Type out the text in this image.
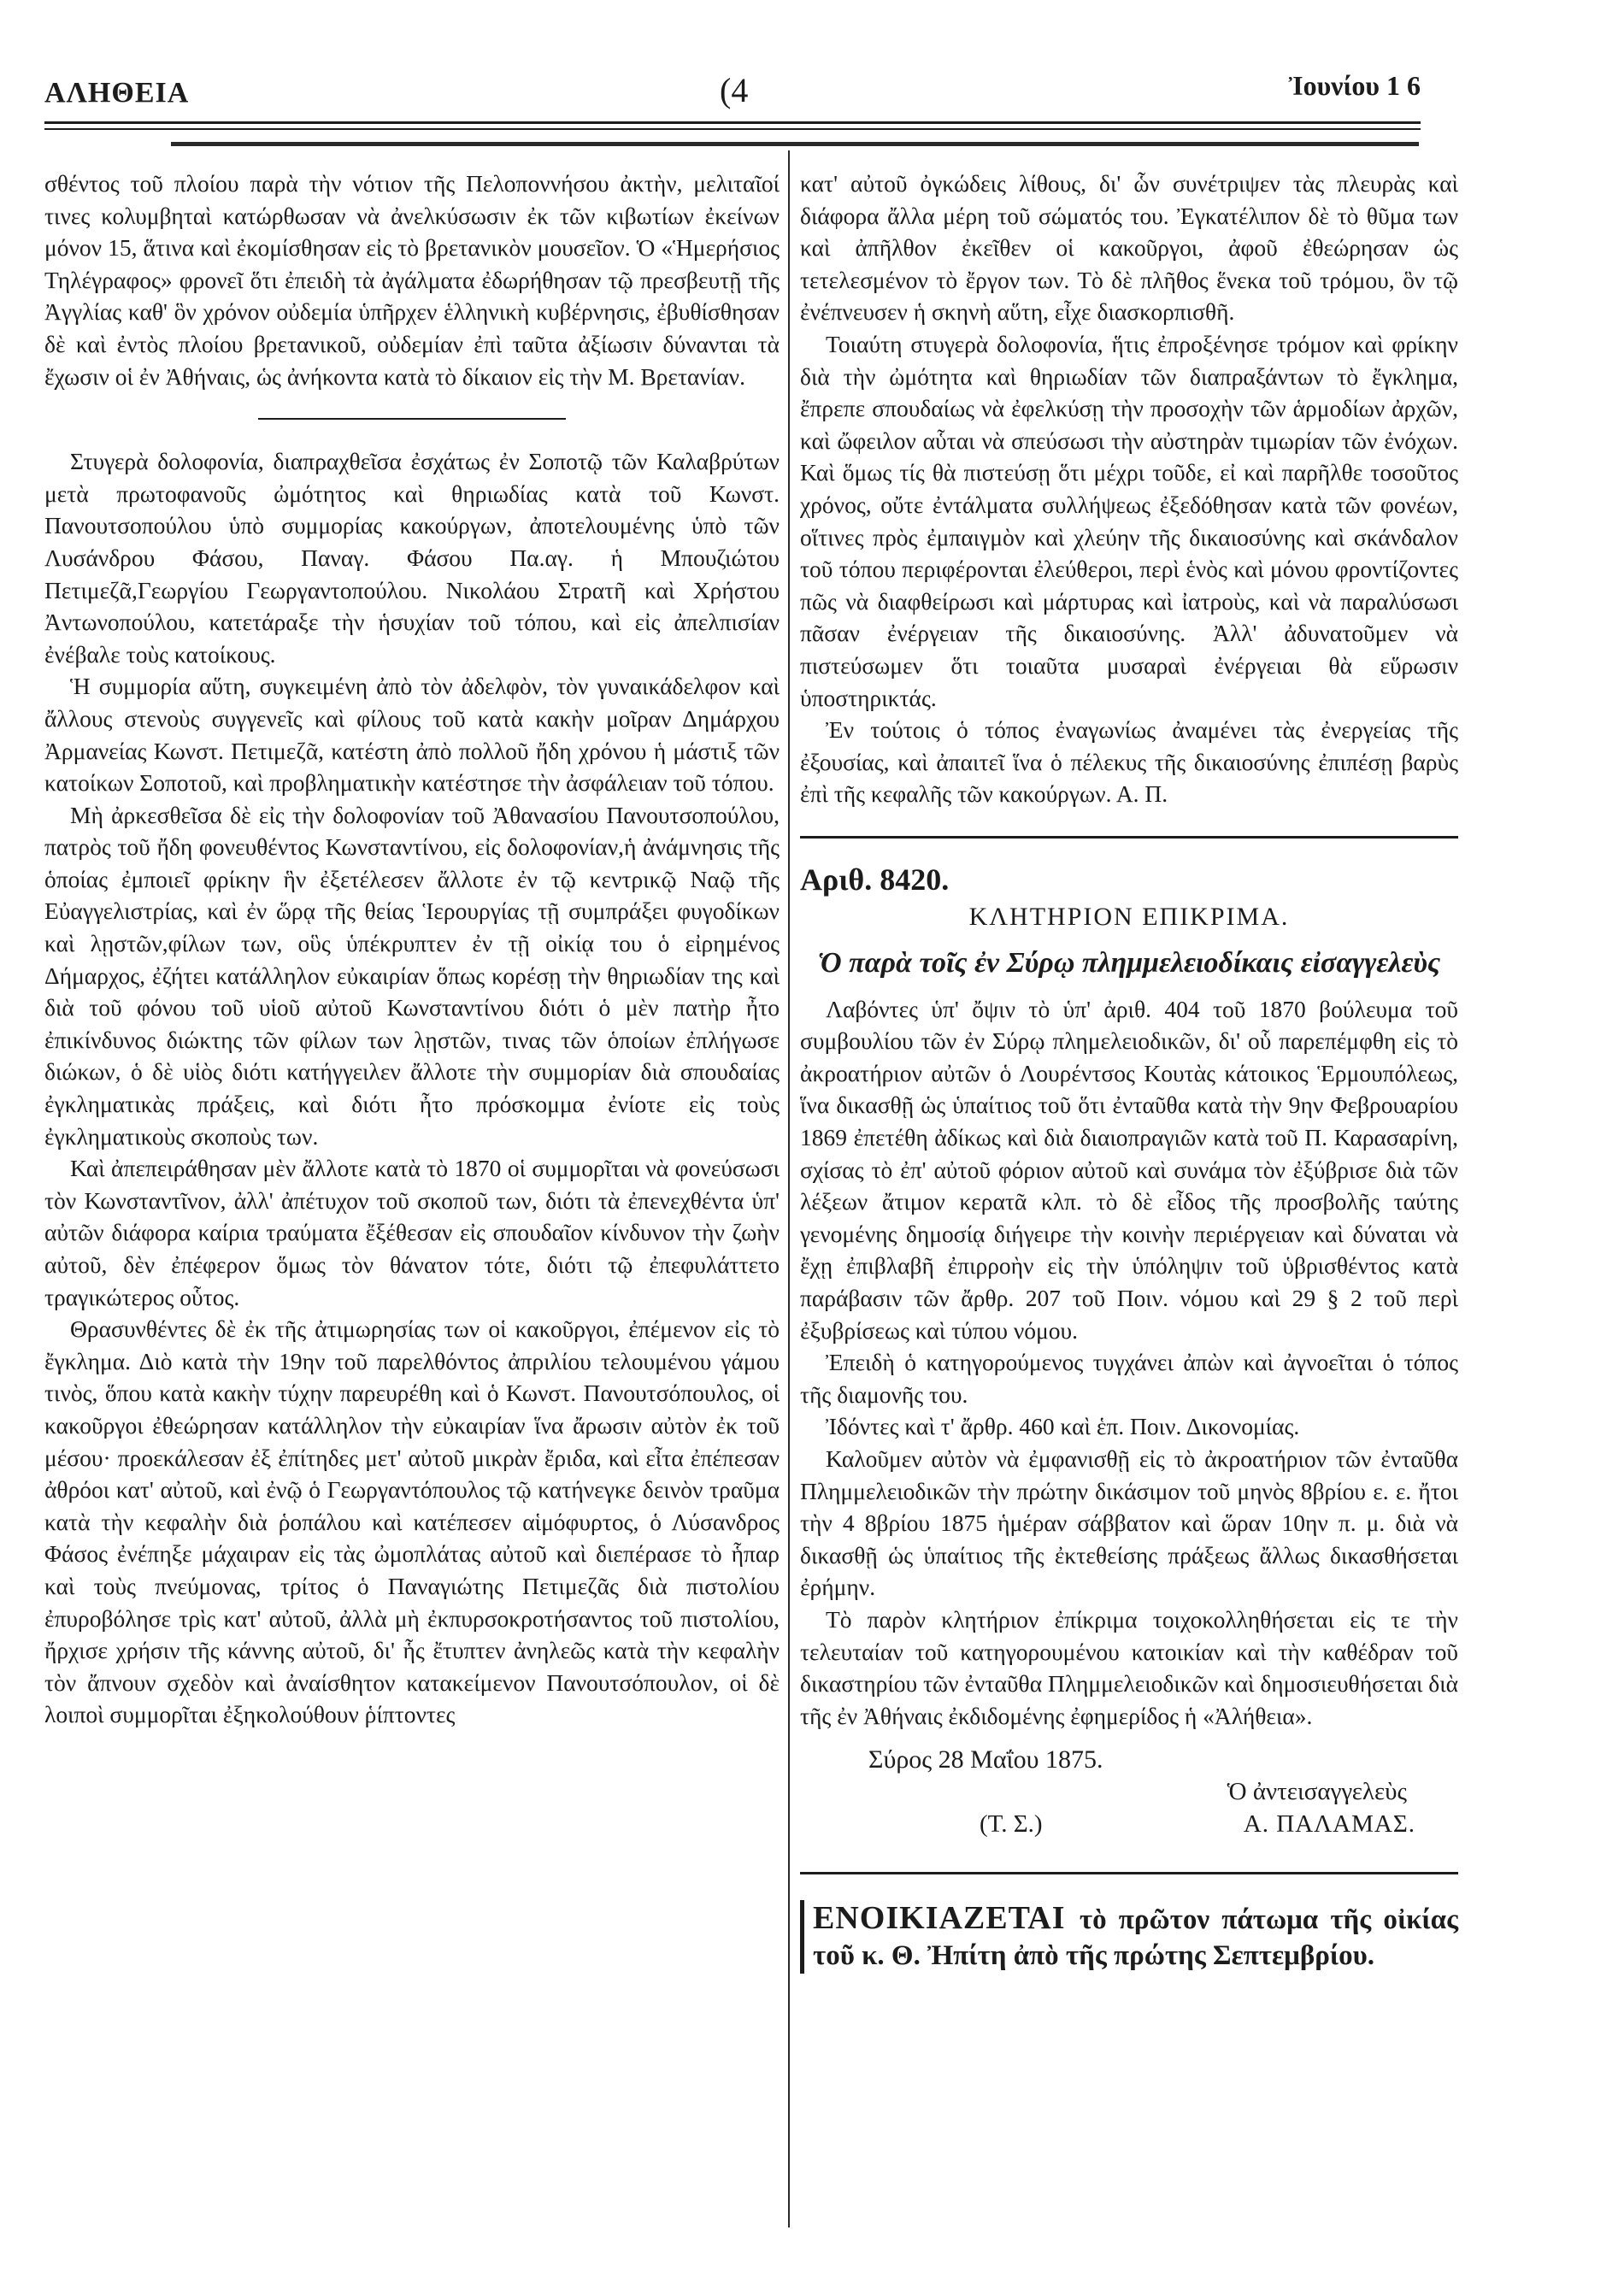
ΑΛΗΘΕΙΑ	(4	Ἰουνίου 1 6

σθέντος τοῦ πλοίου παρὰ τὴν νότιον τῆς Πελοποννήσου ἀκτὴν, μελιταῖοί τινες κολυμβηταὶ κατώρθωσαν νὰ ἀνελκύσωσιν ἐκ τῶν κιβωτίων ἐκείνων μόνον 15, ἅτινα καὶ ἐκομίσθησαν εἰς τὸ βρετανικὸν μουσεῖον. Ὁ «Ἡμερήσιος Τηλέγραφος» φρονεῖ ὅτι ἐπειδὴ τὰ ἀγάλματα ἐδωρήθησαν τῷ πρεσβευτῇ τῆς Ἀγγλίας καθ' ὃν χρόνον οὐδεμία ὑπῆρχεν ἑλληνικὴ κυβέρνησις, ἐβυθίσθησαν δὲ καὶ ἐντὸς πλοίου βρετανικοῦ, οὐδεμίαν ἐπὶ ταῦτα ἀξίωσιν δύνανται τὰ ἔχωσιν οἱ ἐν Ἀθήναις, ὡς ἀνήκοντα κατὰ τὸ δίκαιον εἰς τὴν Μ. Βρετανίαν.

Στυγερὰ δολοφονία, διαπραχθεῖσα ἐσχάτως ἐν Σοποτῷ τῶν Καλαβρύτων μετὰ πρωτοφανοῦς ὠμότητος καὶ θηριωδίας κατὰ τοῦ Κωνστ. Πανουτσοπούλου ὑπὸ συμμορίας κακούργων, ἀποτελουμένης ὑπὸ τῶν Λυσάνδρου Φάσου, Παναγ. Φάσου Πα.αγ. ἡ Μπουζιώτου Πετιμεζᾶ,Γεωργίου Γεωργαντοπούλου. Νικολάου Στρατῆ καὶ Χρήστου Ἀντωνοπούλου, κατετάραξε τὴν ἡσυχίαν τοῦ τόπου, καὶ εἰς ἀπελπισίαν ἐνέβαλε τοὺς κατοίκους.

Ἡ συμμορία αὕτη, συγκειμένη ἀπὸ τὸν ἀδελφὸν, τὸν γυναικάδελφον καὶ ἄλλους στενοὺς συγγενεῖς καὶ φίλους τοῦ κατὰ κακὴν μοῖραν Δημάρχου Ἀρμανείας Κωνστ. Πετιμεζᾶ, κατέστη ἀπὸ πολλοῦ ἤδη χρόνου ἡ μάστιξ τῶν κατοίκων Σοποτοῦ, καὶ προβληματικὴν κατέστησε τὴν ἀσφάλειαν τοῦ τόπου.

Μὴ ἀρκεσθεῖσα δὲ εἰς τὴν δολοφονίαν τοῦ Ἀθανασίου Πανουτσοπούλου, πατρὸς τοῦ ἤδη φονευθέντος Κωνσταντίνου, εἰς δολοφονίαν,ἡ ἀνάμνησις τῆς ὁποίας ἐμποιεῖ φρίκην ἣν ἐξετέλεσεν ἄλλοτε ἐν τῷ κεντρικῷ Ναῷ τῆς Εὐαγγελιστρίας, καὶ ἐν ὥρᾳ τῆς θείας Ἱερουργίας τῇ συμπράξει φυγοδίκων καὶ λῃστῶν,φίλων των, οὓς ὑπέκρυπτεν ἐν τῇ οἰκίᾳ του ὁ εἰρημένος Δήμαρχος, ἐζήτει κατάλληλον εὐκαιρίαν ὅπως κορέσῃ τὴν θηριωδίαν της καὶ διὰ τοῦ φόνου τοῦ υἱοῦ αὐτοῦ Κωνσταντίνου διότι ὁ μὲν πατὴρ ἦτο ἐπικίνδυνος διώκτης τῶν φίλων των λῃστῶν, τινας τῶν ὁποίων ἐπλήγωσε διώκων, ὁ δὲ υἱὸς διότι κατήγγειλεν ἄλλοτε τὴν συμμορίαν διὰ σπουδαίας ἐγκληματικὰς πράξεις, καὶ διότι ἦτο πρόσκομμα ἐνίοτε εἰς τοὺς ἐγκληματικοὺς σκοποὺς των.

Καὶ ἀπεπειράθησαν μὲν ἄλλοτε κατὰ τὸ 1870 οἱ συμμορῖται νὰ φονεύσωσι τὸν Κωνσταντῖνον, ἀλλ' ἀπέτυχον τοῦ σκοποῦ των, διότι τὰ ἐπενεχθέντα ὑπ' αὐτῶν διάφορα καίρια τραύματα ἔξέθεσαν εἰς σπουδαῖον κίνδυνον τὴν ζωὴν αὐτοῦ, δὲν ἐπέφερον ὅμως τὸν θάνατον τότε, διότι τῷ ἐπεφυλάττετο τραγικώτερος οὗτος.

Θρασυνθέντες δὲ ἐκ τῆς ἀτιμωρησίας των οἱ κακοῦργοι, ἐπέμενον εἰς τὸ ἔγκλημα. Διὸ κατὰ τὴν 19ην τοῦ παρελθόντος ἀπριλίου τελουμένου γάμου τινὸς, ὅπου κατὰ κακὴν τύχην παρευρέθη καὶ ὁ Κωνστ. Πανουτσόπουλος, οἱ κακοῦργοι ἐθεώρησαν κατάλληλον τὴν εὐκαιρίαν ἵνα ἄρωσιν αὐτὸν ἐκ τοῦ μέσου· προεκάλεσαν ἐξ ἐπίτηδες μετ' αὐτοῦ μικρὰν ἔριδα, καὶ εἶτα ἐπέπεσαν ἀθρόοι κατ' αὐτοῦ, καὶ ἐνῷ ὁ Γεωργαντόπουλος τῷ κατήνεγκε δεινὸν τραῦμα κατὰ τὴν κεφαλὴν διὰ ῥοπάλου καὶ κατέπεσεν αἱμόφυρτος, ὁ Λύσανδρος Φάσος ἐνέπηξε μάχαιραν εἰς τὰς ὠμοπλάτας αὐτοῦ καὶ διεπέρασε τὸ ἧπαρ καὶ τοὺς πνεύμονας, τρίτος ὁ Παναγιώτης Πετιμεζᾶς διὰ πιστολίου ἐπυροβόλησε τρὶς κατ' αὐτοῦ, ἀλλὰ μὴ ἐκπυρσοκροτήσαντος τοῦ πιστολίου, ἤρχισε χρήσιν τῆς κάννης αὐτοῦ, δι' ἧς ἔτυπτεν ἀνηλεῶς κατὰ τὴν κεφαλὴν τὸν ἄπνουν σχεδὸν καὶ ἀναίσθητον κατακείμενον Πανουτσόπουλον, οἱ δὲ λοιποὶ συμμορῖται ἐξηκολούθουν ῥίπτοντες

κατ' αὐτοῦ ὀγκώδεις λίθους, δι' ὧν συνέτριψεν τὰς πλευρὰς καὶ διάφορα ἄλλα μέρη τοῦ σώματός του. Ἐγκατέλιπον δὲ τὸ θῦμα των καὶ ἀπῆλθον ἐκεῖθεν οἱ κακοῦργοι, ἀφοῦ ἐθεώρησαν ὡς τετελεσμένον τὸ ἔργον των. Τὸ δὲ πλῆθος ἕνεκα τοῦ τρόμου, ὃν τῷ ἐνέπνευσεν ἡ σκηνὴ αὕτη, εἶχε διασκορπισθῆ.

Τοιαύτη στυγερὰ δολοφονία, ἥτις ἐπροξένησε τρόμον καὶ φρίκην διὰ τὴν ὠμότητα καὶ θηριωδίαν τῶν διαπραξάντων τὸ ἔγκλημα, ἔπρεπε σπουδαίως νὰ ἐφελκύσῃ τὴν προσοχὴν τῶν ἁρμοδίων ἀρχῶν, καὶ ὤφειλον αὗται νὰ σπεύσωσι τὴν αὐστηρὰν τιμωρίαν τῶν ἐνόχων. Καὶ ὅμως τίς θὰ πιστεύσῃ ὅτι μέχρι τοῦδε, εἰ καὶ παρῆλθε τοσοῦτος χρόνος, οὔτε ἐντάλματα συλλήψεως ἐξεδόθησαν κατὰ τῶν φονέων, οἵτινες πρὸς ἐμπαιγμὸν καὶ χλεύην τῆς δικαιοσύνης καὶ σκάνδαλον τοῦ τόπου περιφέρονται ἐλεύθεροι, περὶ ἑνὸς καὶ μόνου φροντίζοντες πῶς νὰ διαφθείρωσι καὶ μάρτυρας καὶ ἰατροὺς, καὶ νὰ παραλύσωσι πᾶσαν ἐνέργειαν τῆς δικαιοσύνης. Ἀλλ' ἀδυνατοῦμεν νὰ πιστεύσωμεν ὅτι τοιαῦτα μυσαραὶ ἐνέργειαι θὰ εὕρωσιν ὑποστηρικτάς.

Ἐν τούτοις ὁ τόπος ἐναγωνίως ἀναμένει τὰς ἐνεργείας τῆς ἐξουσίας, καὶ ἀπαιτεῖ ἵνα ὁ πέλεκυς τῆς δικαιοσύνης ἐπιπέσῃ βαρὺς ἐπὶ τῆς κεφαλῆς τῶν κακούργων. Α. Π.

Αριθ. 8420.
ΚΛΗΤΗΡΙΟΝ ΕΠΙΚΡΙΜΑ.
Ὁ παρὰ τοῖς ἐν Σύρῳ πλημμελειοδίκαις εἰσαγγελεὺς

Λαβόντες ὑπ' ὄψιν τὸ ὑπ' ἀριθ. 404 τοῦ 1870 βούλευμα τοῦ συμβουλίου τῶν ἐν Σύρῳ πλημελειοδικῶν, δι' οὗ παρεπέμφθη εἰς τὸ ἀκροατήριον αὐτῶν ὁ Λουρέντσος Κουτὰς κάτοικος Ἑρμουπόλεως, ἵνα δικασθῇ ὡς ὑπαίτιος τοῦ ὅτι ἐνταῦθα κατὰ τὴν 9ην Φεβρουαρίου 1869 ἐπετέθη ἀδίκως καὶ διὰ διαιοπραγιῶν κατὰ τοῦ Π. Καρασαρίνη, σχίσας τὸ ἐπ' αὐτοῦ φόριον αὐτοῦ καὶ συνάμα τὸν ἐξύβρισε διὰ τῶν λέξεων ἄτιμον κερατᾶ κλπ. τὸ δὲ εἶδος τῆς προσβολῆς ταύτης γενομένης δημοσίᾳ διήγειρε τὴν κοινὴν περιέργειαν καὶ δύναται νὰ ἔχῃ ἐπιβλαβῆ ἐπιρροὴν εἰς τὴν ὑπόληψιν τοῦ ὑβρισθέντος κατὰ παράβασιν τῶν ἄρθρ. 207 τοῦ Ποιν. νόμου καὶ 29 § 2 τοῦ περὶ ἐξυβρίσεως καὶ τύπου νόμου.

Ἐπειδὴ ὁ κατηγορούμενος τυγχάνει ἀπὼν καὶ ἀγνοεῖται ὁ τόπος τῆς διαμονῆς του.

Ἰδόντες καὶ τ' ἄρθρ. 460 καὶ ἑπ. Ποιν. Δικονομίας.

Καλοῦμεν αὐτὸν νὰ ἐμφανισθῇ εἰς τὸ ἀκροατήριον τῶν ἐνταῦθα Πλημμελειοδικῶν τὴν πρώτην δικάσιμον τοῦ μηνὸς 8βρίου ε. ε. ἤτοι τὴν 4 8βρίου 1875 ἡμέραν σάββατον καὶ ὥραν 10ην π. μ. διὰ νὰ δικασθῇ ὡς ὑπαίτιος τῆς ἐκτεθείσης πράξεως ἄλλως δικασθήσεται ἐρήμην.

Τὸ παρὸν κλητήριον ἐπίκριμα τοιχοκολληθήσεται εἰς τε τὴν τελευταίαν τοῦ κατηγορουμένου κατοικίαν καὶ τὴν καθέδραν τοῦ δικαστηρίου τῶν ἐνταῦθα Πλημμελειοδικῶν καὶ δημοσιευθήσεται διὰ τῆς ἐν Ἀθήναις ἐκδιδομένης ἐφημερίδος ἡ «Ἀλήθεια».

Σύρος 28 Μαΐου 1875.
Ὁ ἀντεισαγγελεὺς
(Τ. Σ.)	Α. ΠΑΛΑΜΑΣ.
ΕΝΟΙΚΙΑΖΕΤΑΙ τὸ πρῶτον πάτωμα τῆς οἰκίας τοῦ κ. Θ. Ἠπίτη ἀπὸ τῆς πρώτης Σεπτεμβρίου.
